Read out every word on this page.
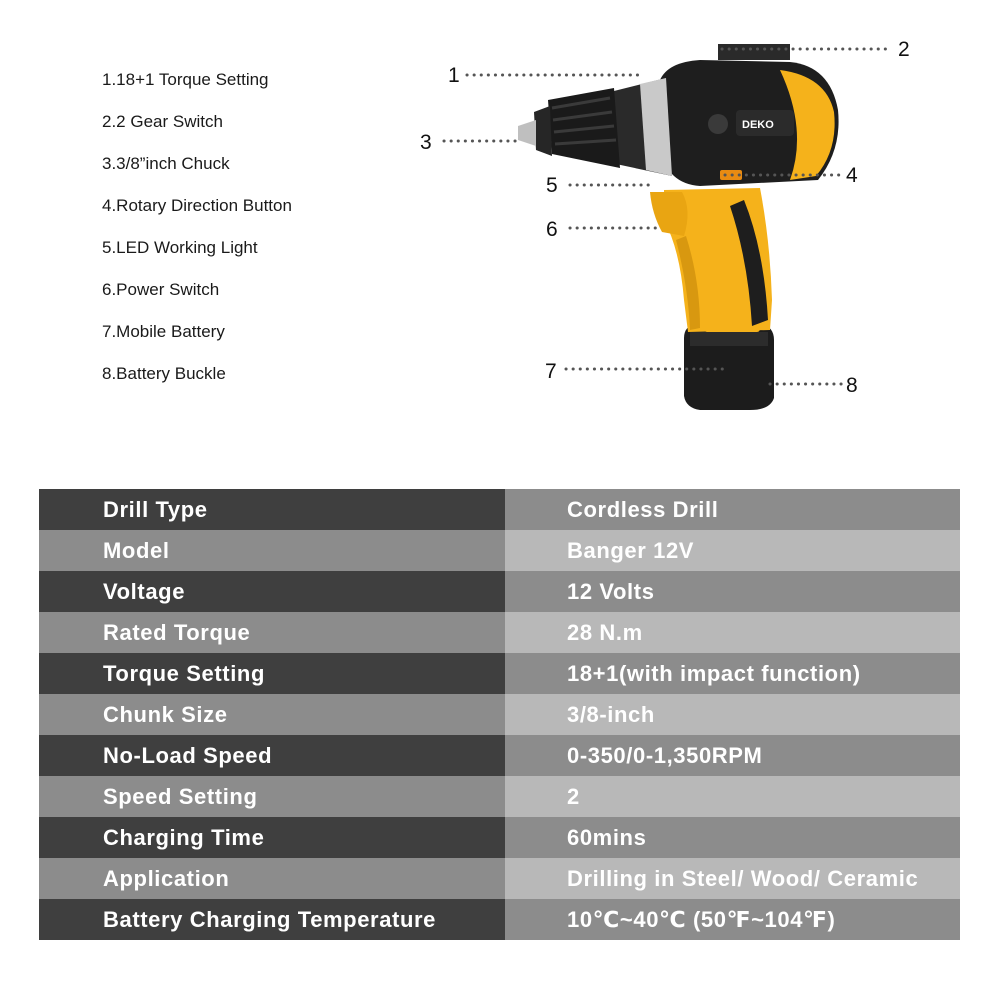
1.18+1 Torque Setting
2.2 Gear Switch
3.3/8”inch Chuck
4.Rotary Direction Button
5.LED Working Light
6.Power Switch
7.Mobile Battery
8.Battery Buckle
DEKO
1
2
3
4
5
6
7
8
Drill Type	Cordless Drill
Model	Banger 12V
Voltage	12 Volts
Rated Torque	28 N.m
Torque Setting	18+1(with impact function)
Chunk Size	3/8-inch
No-Load Speed	0-350/0-1,350RPM
Speed Setting	2
Charging Time	60mins
Application	Drilling in Steel/ Wood/ Ceramic
Battery Charging Temperature	10℃~40℃ (50℉~104℉)
